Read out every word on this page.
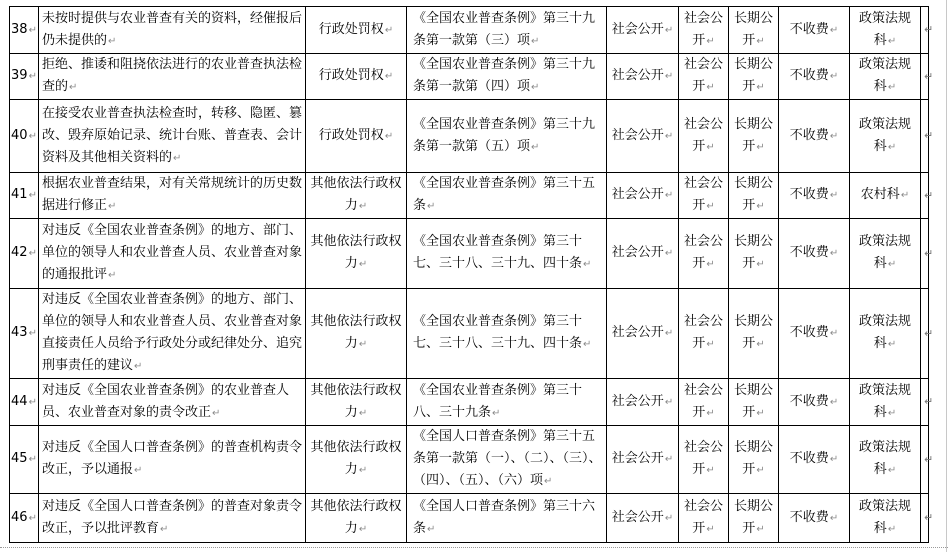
38↵	未按时提供与农业普查有关的资料，经催报后仍未提供的↵	行政处罚权↵	《全国农业普查条例》第三十九条第一款第（三）项↵	社会公开↵	社会公开↵	长期公开↵	不收费↵	政策法规科↵	↵
39↵	拒绝、推诿和阻挠依法进行的农业普查执法检查的↵	行政处罚权↵	《全国农业普查条例》第三十九条第一款第（四）项↵	社会公开↵	社会公开↵	长期公开↵	不收费↵	政策法规科↵	↵
40↵	在接受农业普查执法检查时，转移、隐匿、篡改、毁弃原始记录、统计台账、普查表、会计资料及其他相关资料的↵	行政处罚权↵	《全国农业普查条例》第三十九条第一款第（五）项↵	社会公开↵	社会公开↵	长期公开↵	不收费↵	政策法规科↵	↵
41↵	根据农业普查结果，对有关常规统计的历史数据进行修正↵	其他依法行政权力↵	《全国农业普查条例》第三十五条↵	社会公开↵	社会公开↵	长期公开↵	不收费↵	农村科↵	↵
42↵	对违反《全国农业普查条例》的地方、部门、单位的领导人和农业普查人员、农业普查对象的通报批评↵	其他依法行政权力↵	《全国农业普查条例》第三十七、三十八、三十九、四十条↵	社会公开↵	社会公开↵	长期公开↵	不收费↵	政策法规科↵	↵
43↵	对违反《全国农业普查条例》的地方、部门、单位的领导人和农业普查人员、农业普查对象直接责任人员给予行政处分或纪律处分、追究刑事责任的建议↵	其他依法行政权力↵	《全国农业普查条例》第三十七、三十八、三十九、四十条↵	社会公开↵	社会公开↵	长期公开↵	不收费↵	政策法规科↵	↵
44↵	对违反《全国农业普查条例》的农业普查人员、农业普查对象的责令改正↵	其他依法行政权力↵	《全国农业普查条例》第三十八、三十九条↵	社会公开↵	社会公开↵	长期公开↵	不收费↵	政策法规科↵	↵
45↵	对违反《全国人口普查条例》的普查机构责令改正，予以通报↵	其他依法行政权力↵	《全国人口普查条例》第三十五条第一款第（一）、（二）、（三）、（四）、（五）、（六）项↵	社会公开↵	社会公开↵	长期公开↵	不收费↵	政策法规科↵	↵
46↵	对违反《全国人口普查条例》的普查对象责令改正，予以批评教育↵	其他依法行政权力↵	《全国人口普查条例》第三十六条↵	社会公开↵	社会公开↵	长期公开↵	不收费↵	政策法规科↵	↵
